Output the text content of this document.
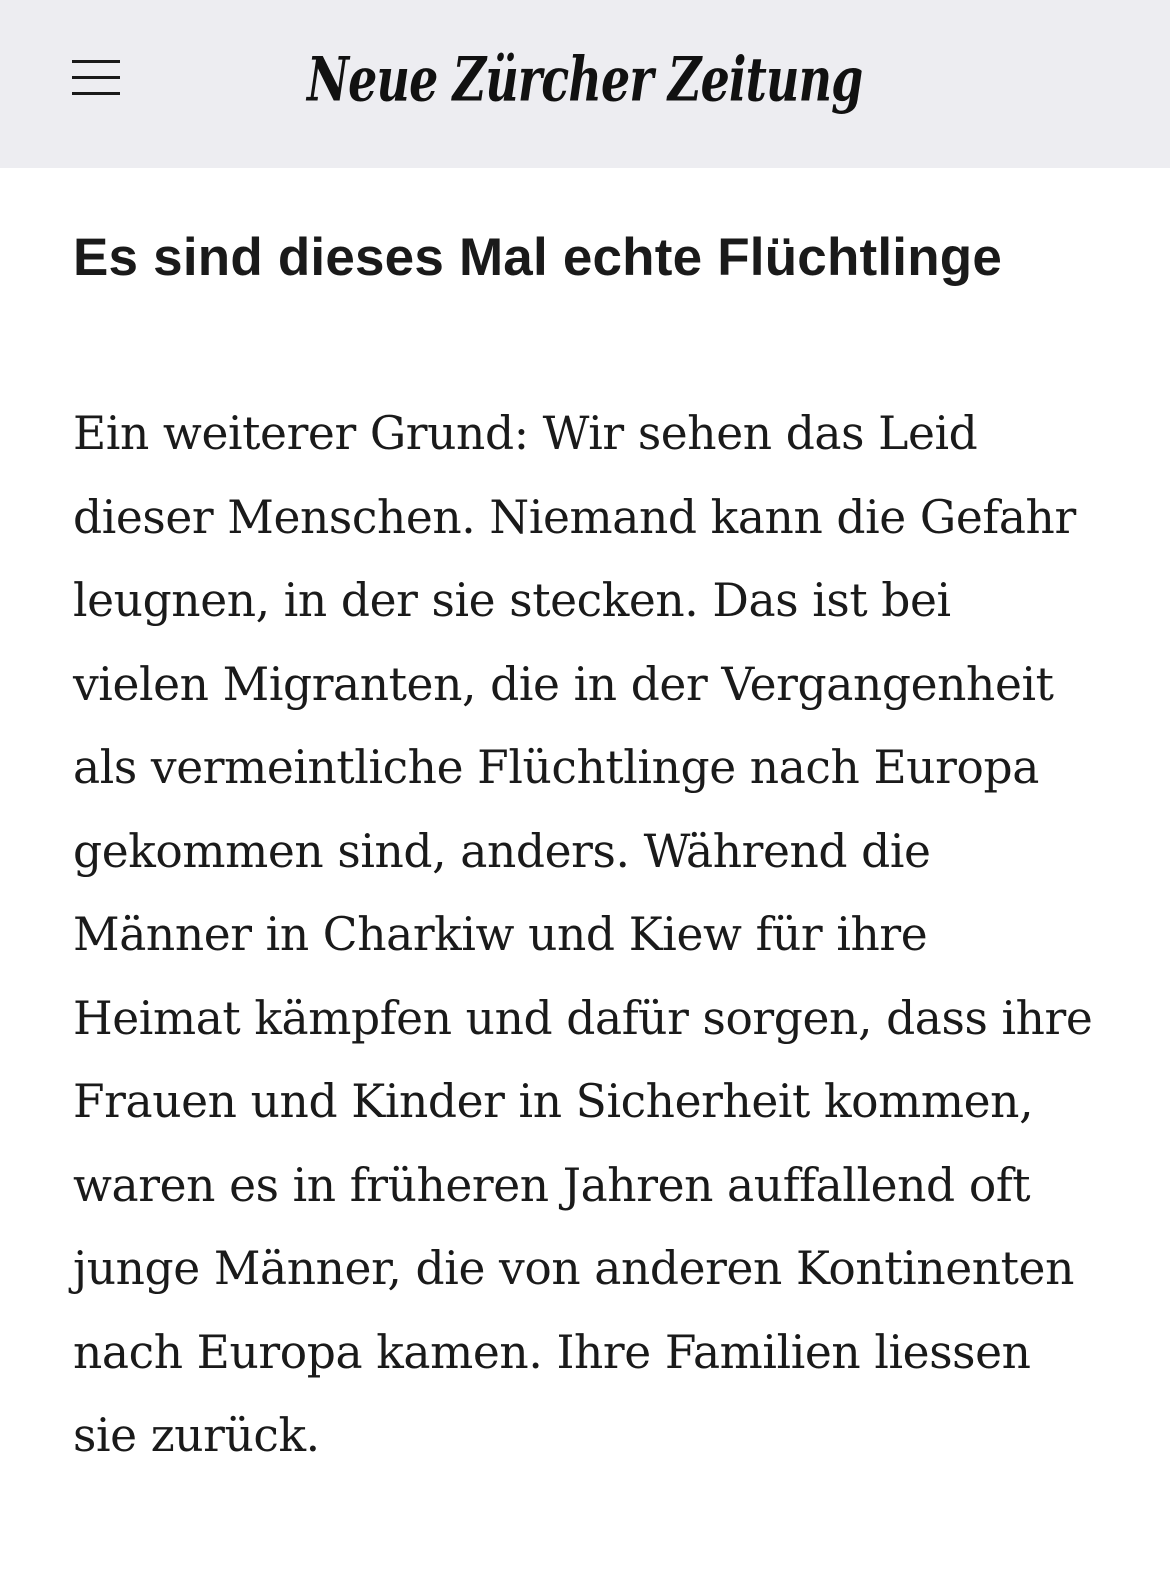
Neue Zürcher Zeitung
Es sind dieses Mal echte Flüchtlinge

Ein weiterer Grund: Wir sehen das Leid dieser Menschen. Niemand kann die Gefahr leugnen, in der sie stecken. Das ist bei vielen Migranten, die in der Vergangenheit als vermeintliche Flüchtlinge nach Europa gekommen sind, anders. Während die Männer in Charkiw und Kiew für ihre Heimat kämpfen und dafür sorgen, dass ihre Frauen und Kinder in Sicherheit kommen, waren es in früheren Jahren auffallend oft junge Männer, die von anderen Kontinenten nach Europa kamen. Ihre Familien liessen sie zurück.
